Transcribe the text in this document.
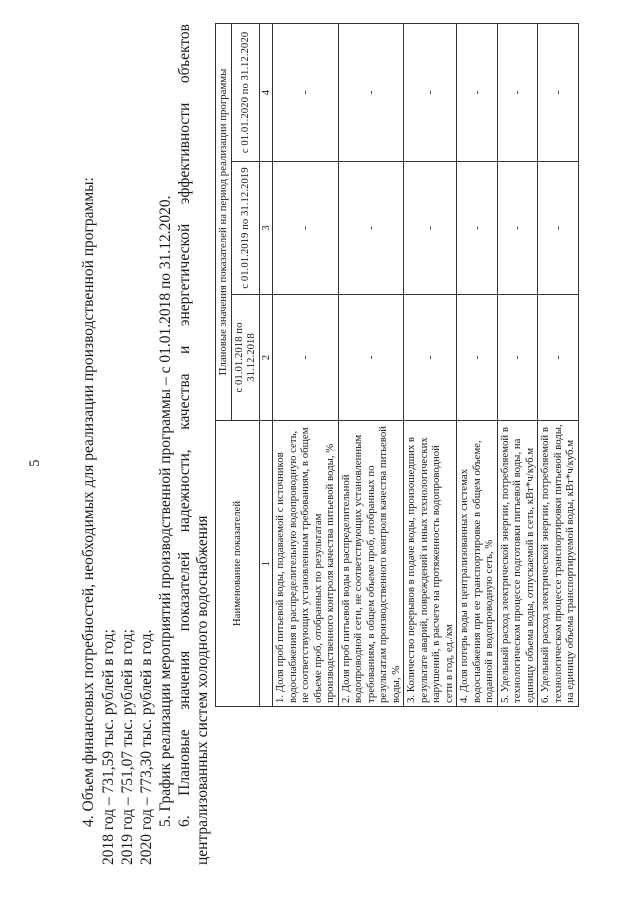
5 4. Объем финансовых потребностей, необходимых для реализации производственной программы: 2018 год – 731,59 тыс. рублей в год; 2019 год – 751,07 тыс. рублей в год; 2020 год – 773,30 тыс. рублей в год. 5. График реализации мероприятий производственной программы – с 01.01.2018 по 31.12.2020. 6. Плановые значения показателей надежности, качества и энергетической эффективности объектов централизованных систем холодного водоснабжения Наименование показателей	Плановые значения показателей на период реализации программы		
	с 01.01.2018 по 31.12.2018	с 01.01.2019 по 31.12.2019	с 01.01.2020 по 31.12.2020
1	2	3	4
1. Доля проб питьевой воды, подаваемой с источников водоснабжения в распределительную водопроводную сеть, не соответствующих установленным требованиям, в общем объеме проб, отобранных по результатам производственного контроля качества питьевой воды, %	-	-	-
2. Доля проб питьевой воды в распределительной водопроводной сети, не соответствующих установленным требованиям, в общем объеме проб, отобранных по результатам производственного контроля качества питьевой воды, %	-	-	-
3. Количество перерывов в подаче воды, произошедших в результате аварий, повреждений и иных технологических нарушений, в расчете на протяженность водопроводной сети в год, ед./км	-	-	-
4. Доля потерь воды в централизованных системах водоснабжения при ее транспортировке в общем объеме, поданной в водопроводную сеть, %	-	-	-
5. Удельный расход электрической энергии, потребляемой в технологическом процессе подготовки питьевой воды, на единицу объема воды, отпускаемой в сеть, кВт*ч/куб.м	-	-	-
6. Удельный расход электрической энергии, потребляемой в технологическом процессе транспортировки питьевой воды, на единицу объема транспортируемой воды, кВт*ч/куб.м	-	-	-
